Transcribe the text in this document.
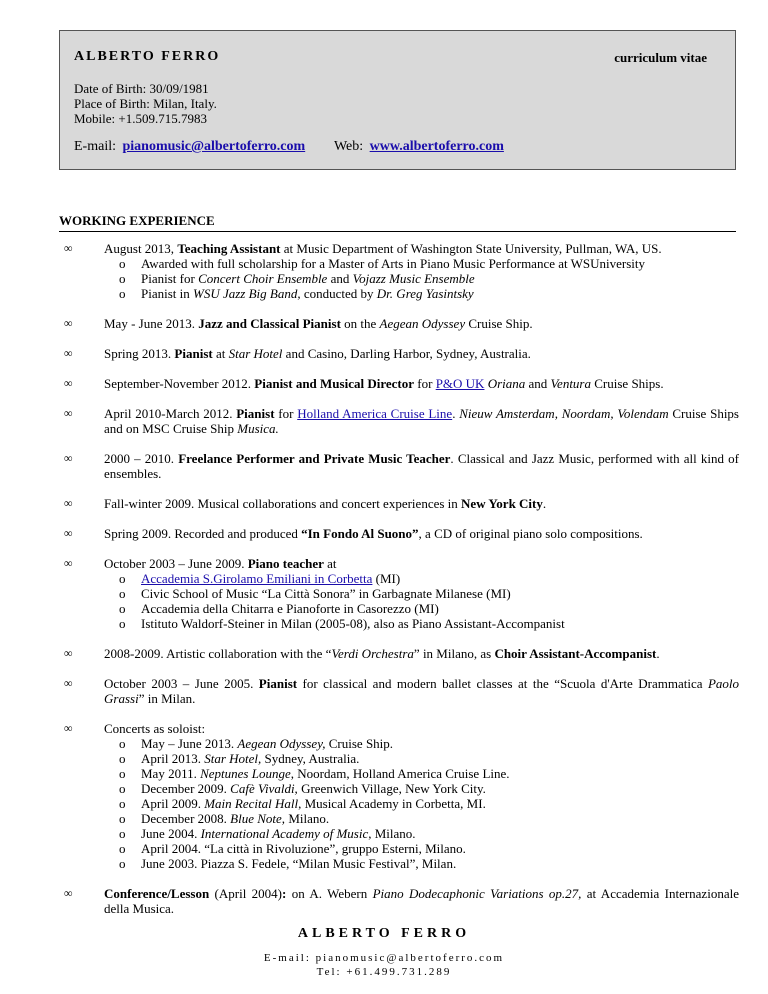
ALBERTO FERRO	curriculum vitae
Date of Birth: 30/09/1981
Place of Birth: Milan, Italy.
Mobile: +1.509.715.7983
E-mail: pianomusic@albertoferro.com Web: www.albertoferro.com
WORKING EXPERIENCE
∞ August 2013, Teaching Assistant at Music Department of Washington State University, Pullman, WA, US.
o Awarded with full scholarship for a Master of Arts in Piano Music Performance at WSUniversity
o Pianist for Concert Choir Ensemble and Vojazz Music Ensemble
o Pianist in WSU Jazz Big Band, conducted by Dr. Greg Yasintsky
∞ May - June 2013. Jazz and Classical Pianist on the Aegean Odyssey Cruise Ship.
∞ Spring 2013. Pianist at Star Hotel and Casino, Darling Harbor, Sydney, Australia.
∞ September-November 2012. Pianist and Musical Director for P&O UK Oriana and Ventura Cruise Ships.
∞ April 2010-March 2012. Pianist for Holland America Cruise Line. Nieuw Amsterdam, Noordam, Volendam Cruise Ships and on MSC Cruise Ship Musica.
∞ 2000 – 2010. Freelance Performer and Private Music Teacher. Classical and Jazz Music, performed with all kind of ensembles.
∞ Fall-winter 2009. Musical collaborations and concert experiences in New York City.
∞ Spring 2009. Recorded and produced “In Fondo Al Suono”, a CD of original piano solo compositions.
∞ October 2003 – June 2009. Piano teacher at
o Accademia S.Girolamo Emiliani in Corbetta (MI)
o Civic School of Music “La Città Sonora” in Garbagnate Milanese (MI)
o Accademia della Chitarra e Pianoforte in Casorezzo (MI)
o Istituto Waldorf-Steiner in Milan (2005-08), also as Piano Assistant-Accompanist
∞ 2008-2009. Artistic collaboration with the “Verdi Orchestra” in Milano, as Choir Assistant-Accompanist.
∞ October 2003 – June 2005. Pianist for classical and modern ballet classes at the “Scuola d'Arte Drammatica Paolo Grassi” in Milan.
∞ Concerts as soloist:
o May – June 2013. Aegean Odyssey, Cruise Ship.
o April 2013. Star Hotel, Sydney, Australia.
o May 2011. Neptunes Lounge, Noordam, Holland America Cruise Line.
o December 2009. Cafè Vivaldi, Greenwich Village, New York City.
o April 2009. Main Recital Hall, Musical Academy in Corbetta, MI.
o December 2008. Blue Note, Milano.
o June 2004. International Academy of Music, Milano.
o April 2004. “La città in Rivoluzione”, gruppo Esterni, Milano.
o June 2003. Piazza S. Fedele, “Milan Music Festival”, Milan.
∞ Conference/Lesson (April 2004): on A. Webern Piano Dodecaphonic Variations op.27, at Accademia Internazionale della Musica.
ALBERTO FERRO
E-mail: pianomusic@albertoferro.com
Tel: +61.499.731.289
